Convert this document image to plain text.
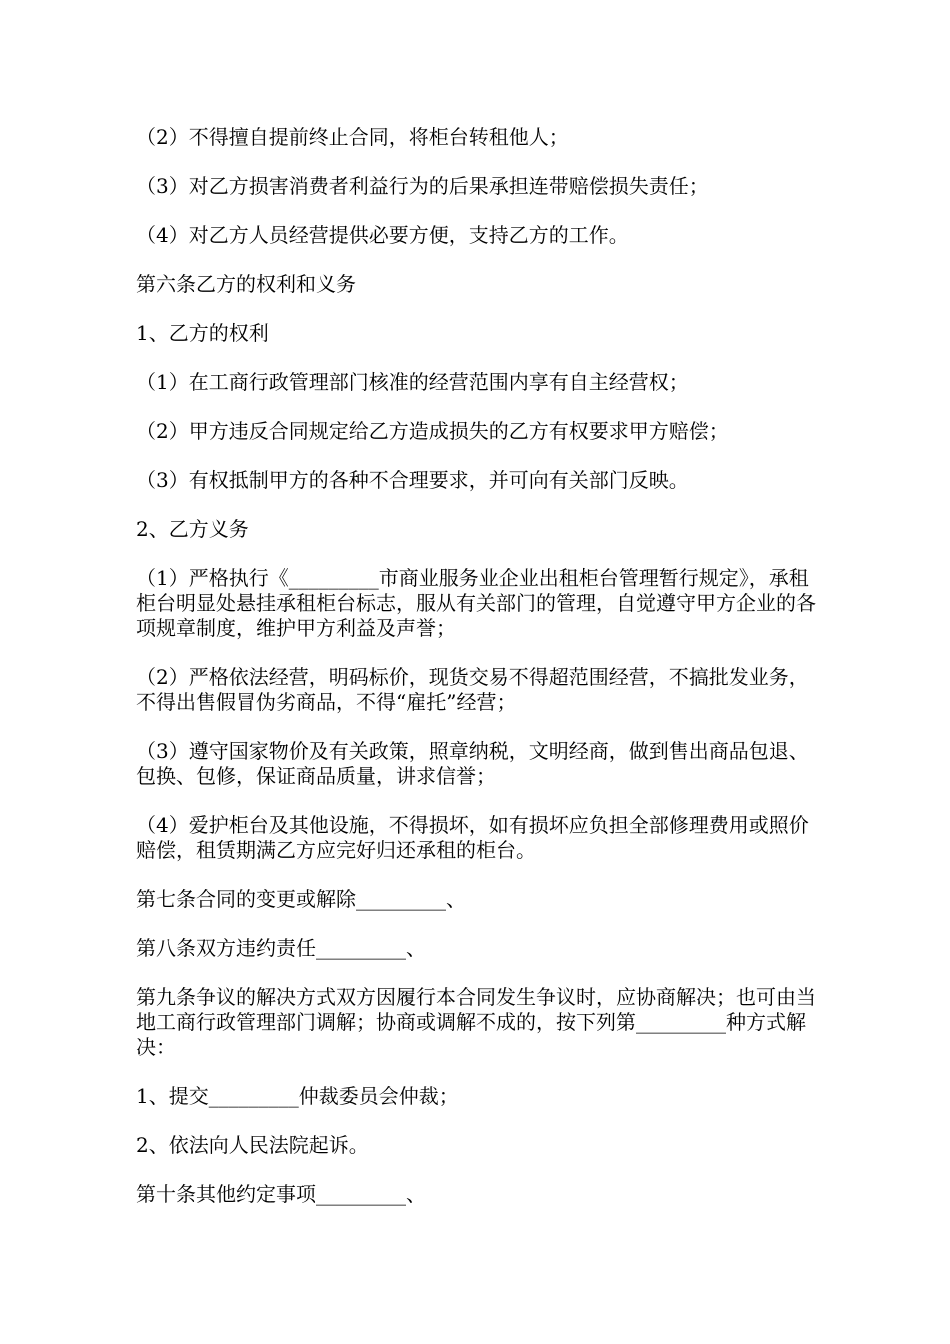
（2）不得擅自提前终止合同，将柜台转租他人；

（3）对乙方损害消费者利益行为的后果承担连带赔偿损失责任；

（4）对乙方人员经营提供必要方便，支持乙方的工作。

第六条乙方的权利和义务

1、乙方的权利

（1）在工商行政管理部门核准的经营范围内享有自主经营权；

（2）甲方违反合同规定给乙方造成损失的乙方有权要求甲方赔偿；

（3）有权抵制甲方的各种不合理要求，并可向有关部门反映。

2、乙方义务

（1）严格执行《_________市商业服务业企业出租柜台管理暂行规定》，承租柜台明显处悬挂承租柜台标志，服从有关部门的管理，自觉遵守甲方企业的各项规章制度，维护甲方利益及声誉；

（2）严格依法经营，明码标价，现货交易不得超范围经营，不搞批发业务，不得出售假冒伪劣商品，不得“雇托”经营；

（3）遵守国家物价及有关政策，照章纳税，文明经商，做到售出商品包退、包换、包修，保证商品质量，讲求信誉；

（4）爱护柜台及其他设施，不得损坏，如有损坏应负担全部修理费用或照价赔偿，租赁期满乙方应完好归还承租的柜台。

第七条合同的变更或解除_________、

第八条双方违约责任_________、

第九条争议的解决方式双方因履行本合同发生争议时，应协商解决；也可由当地工商行政管理部门调解；协商或调解不成的，按下列第_________种方式解决：

1、提交_________仲裁委员会仲裁；

2、依法向人民法院起诉。

第十条其他约定事项_________、
